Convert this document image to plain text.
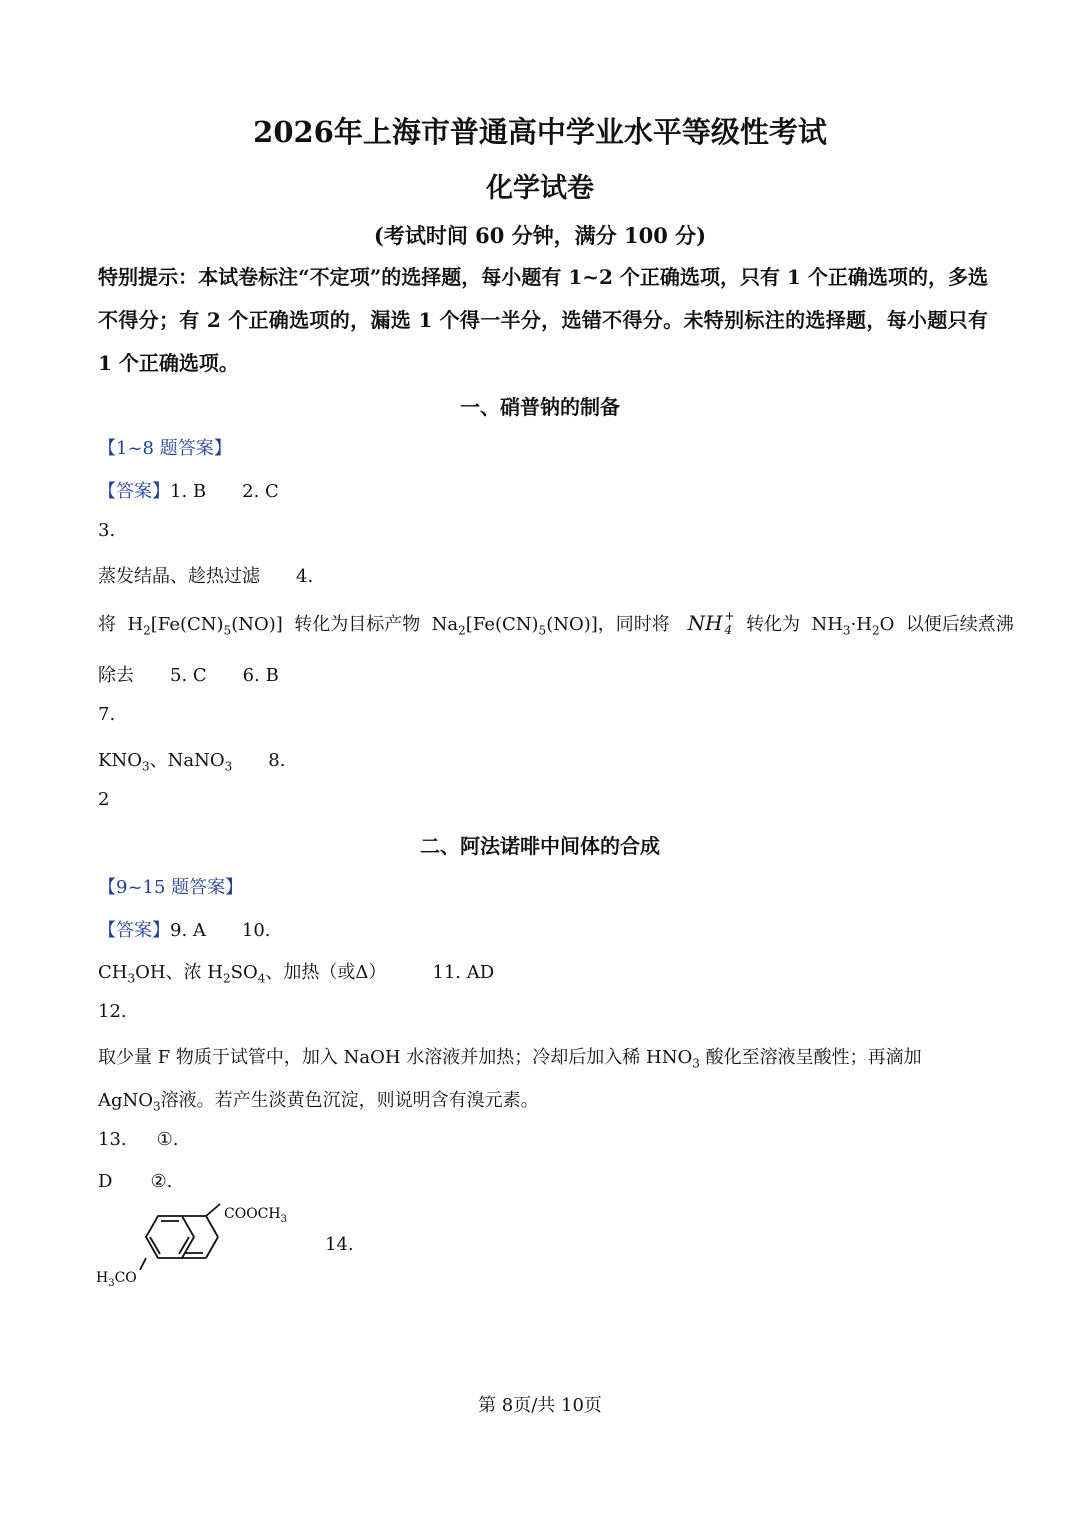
2026年上海市普通高中学业水平等级性考试
化学试卷
(考试时间 60 分钟，满分 100 分)
特别提示：本试卷标注“不定项”的选择题，每小题有 1~2 个正确选项，只有 1 个正确选项的，多选不得分；有 2 个正确选项的，漏选 1 个得一半分，选错不得分。未特别标注的选择题，每小题只有 1 个正确选项。
一、硝普钠的制备
【1~8 题答案】
【答案】1. B 2. C
3.
蒸发结晶、趁热过滤 4.
将 $H_2[Fe(CN)_5(NO)]$ 转化为目标产物 $Na_2[Fe(CN)_5(NO)]$，同时将 NH +
4 转化为 $NH_3\cdot H_2O$ 以便后续煮沸
除去 5. C 6. B
7.
$KNO_3$、NaNO$_3$ 8.
2
二、阿法诺啡中间体的合成
【9~15 题答案】
【答案】9. A 10.
$CH_3OH$、浓 $H_2SO_4$、加热（或Δ）	11. AD
12.
取少量 F 物质于试管中，加入 NaOH 水溶液并加热；冷却后加入稀 $HNO_3$ 酸化至溶液呈酸性；再滴加
AgNO$_3$溶液。若产生淡黄色沉淀，则说明含有溴元素。
13. ①.
D ②.
$COOCH_3$
$H_3CO$
14.
第 8页/共 10页
